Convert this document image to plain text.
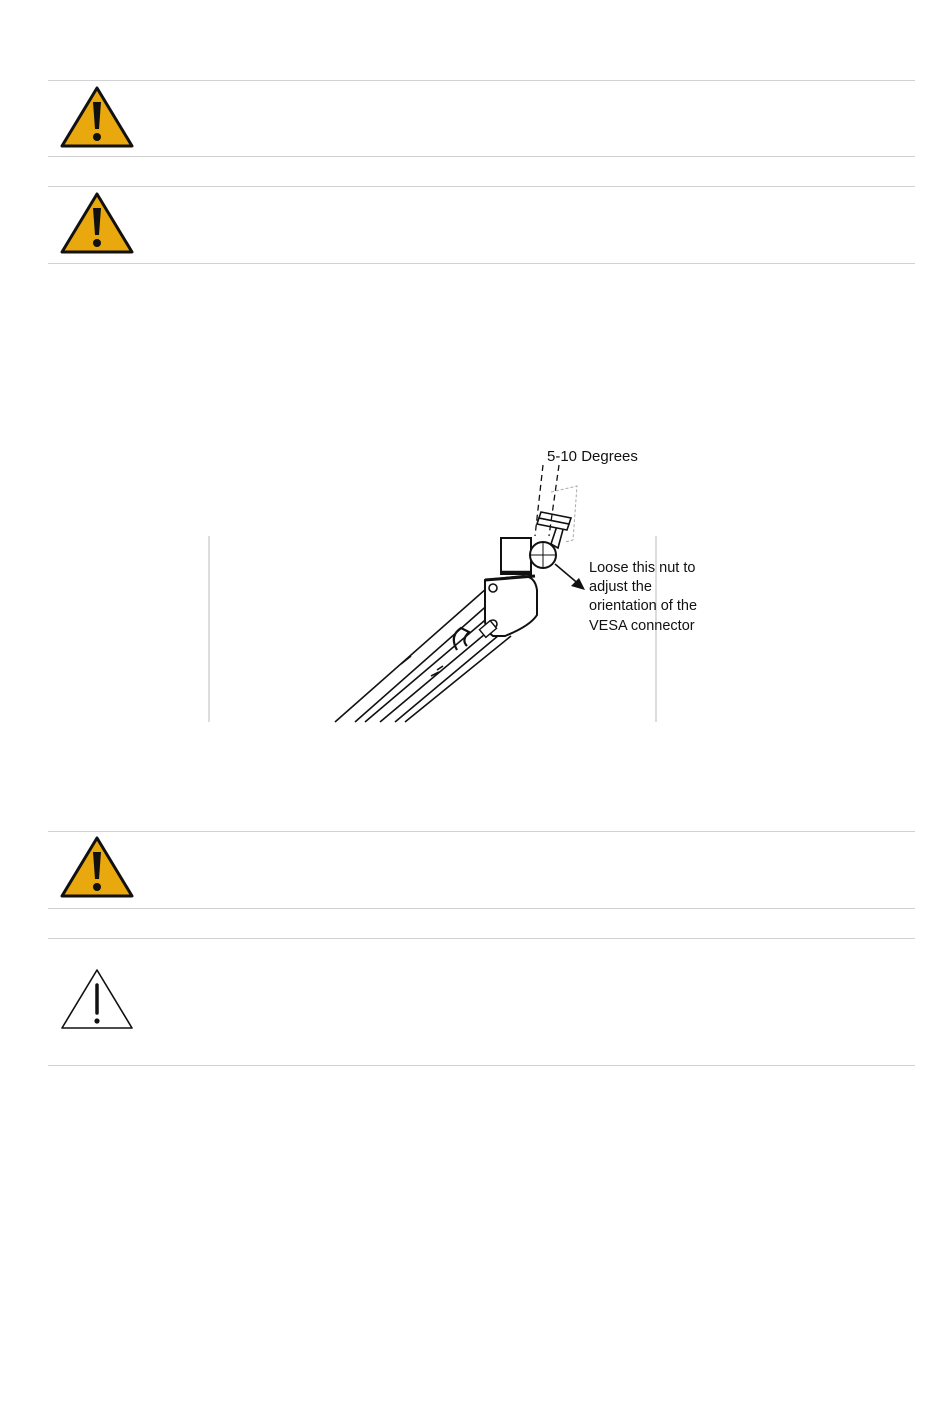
5-10 Degrees
Loose this nut to
adjust the
orientation of the
VESA connector
